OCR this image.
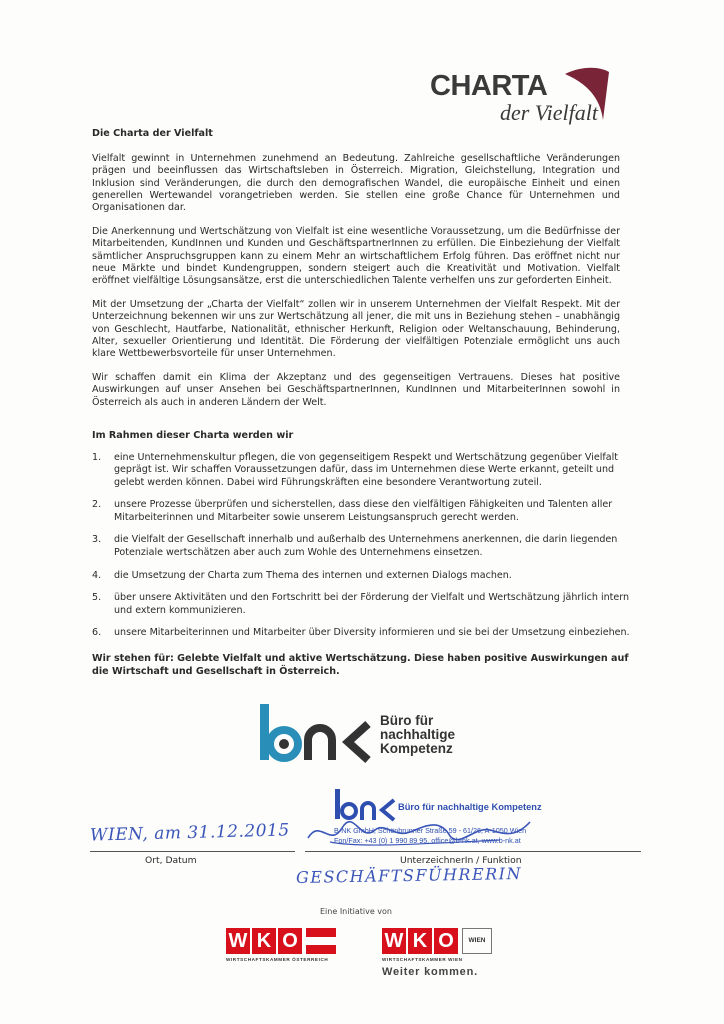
CHARTA
der Vielfalt
Die Charta der Vielfalt

Vielfalt gewinnt in Unternehmen zunehmend an Bedeutung. Zahlreiche gesellschaftliche Veränderungen prägen und beeinflussen das Wirtschaftsleben in Österreich. Migration, Gleichstellung, Integration und Inklusion sind Veränderungen, die durch den demografischen Wandel, die europäische Einheit und einen generellen Wertewandel vorangetrieben werden. Sie stellen eine große Chance für Unternehmen und Organisationen dar.

Die Anerkennung und Wertschätzung von Vielfalt ist eine wesentliche Voraussetzung, um die Bedürfnisse der Mitarbeitenden, KundInnen und Kunden und GeschäftspartnerInnen zu erfüllen. Die Einbeziehung der Vielfalt sämtlicher Anspruchsgruppen kann zu einem Mehr an wirtschaftlichem Erfolg führen. Das eröffnet nicht nur neue Märkte und bindet Kundengruppen, sondern steigert auch die Kreativität und Motivation. Vielfalt eröffnet vielfältige Lösungsansätze, erst die unterschiedlichen Talente verhelfen uns zur geforderten Einheit.

Mit der Umsetzung der „Charta der Vielfalt“ zollen wir in unserem Unternehmen der Vielfalt Respekt. Mit der Unterzeichnung bekennen wir uns zur Wertschätzung all jener, die mit uns in Beziehung stehen – unabhängig von Geschlecht, Hautfarbe, Nationalität, ethnischer Herkunft, Religion oder Weltanschauung, Behinderung, Alter, sexueller Orientierung und Identität. Die Förderung der vielfältigen Potenziale ermöglicht uns auch klare Wettbewerbsvorteile für unser Unternehmen.

Wir schaffen damit ein Klima der Akzeptanz und des gegenseitigen Vertrauens. Dieses hat positive Auswirkungen auf unser Ansehen bei GeschäftspartnerInnen, KundInnen und MitarbeiterInnen sowohl in Österreich als auch in anderen Ländern der Welt.

Im Rahmen dieser Charta werden wir
1. eine Unternehmenskultur pflegen, die von gegenseitigem Respekt und Wertschätzung gegenüber Vielfalt geprägt ist. Wir schaffen Voraussetzungen dafür, dass im Unternehmen diese Werte erkannt, geteilt und gelebt werden können. Dabei wird Führungskräften eine besondere Verantwortung zuteil.
2. unsere Prozesse überprüfen und sicherstellen, dass diese den vielfältigen Fähigkeiten und Talenten aller Mitarbeiterinnen und Mitarbeiter sowie unserem Leistungsanspruch gerecht werden.
3. die Vielfalt der Gesellschaft innerhalb und außerhalb des Unternehmens anerkennen, die darin liegenden Potenziale wertschätzen aber auch zum Wohle des Unternehmens einsetzen.
4. die Umsetzung der Charta zum Thema des internen und externen Dialogs machen.
5. über unsere Aktivitäten und den Fortschritt bei der Förderung der Vielfalt und Wertschätzung jährlich intern und extern kommunizieren.
6. unsere Mitarbeiterinnen und Mitarbeiter über Diversity informieren und sie bei der Umsetzung einbeziehen.
Wir stehen für: Gelebte Vielfalt und aktive Wertschätzung. Diese haben positive Auswirkungen auf die Wirtschaft und Gesellschaft in Österreich.
Büro für
nachhaltige
Kompetenz
Büro für nachhaltige Kompetenz
B-NK GmbH, Schönbrunner Straße 59 - 61/26, A-1050 Wien
Fon/Fax: +43 (0) 1 990 89 95, office@b-nk.at, www.b-nk.at
WIEN, am 31.12.2015
Ort, Datum	UnterzeichnerIn / Funktion
GESCHÄFTSFÜHRERIN
Eine Initiative von
W K O
WIRTSCHAFTSKAMMER ÖSTERREICH
W K O	WIEN
WIRTSCHAFTSKAMMER WIEN
Weiter kommen.
